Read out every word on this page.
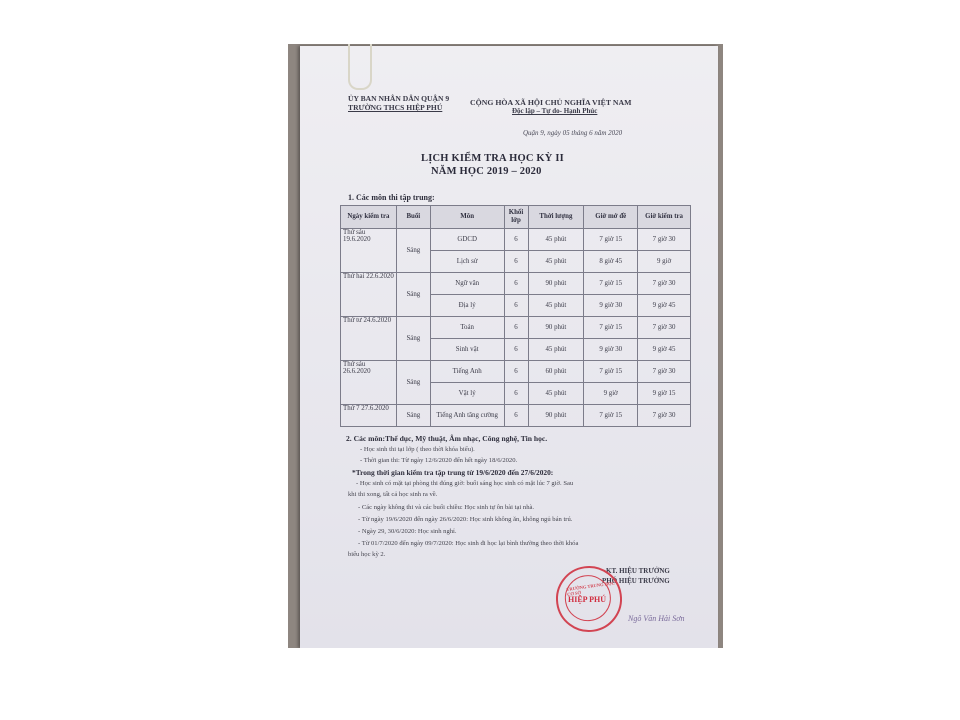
ỦY BAN NHÂN DÂN QUẬN 9
TRƯỜNG THCS HIỆP PHÚ
CỘNG HÒA XÃ HỘI CHỦ NGHĨA VIỆT NAM
Độc lập – Tự do- Hạnh Phúc
Quận 9, ngày 05 tháng 6 năm 2020
LỊCH KIỂM TRA HỌC KỲ II
NĂM HỌC 2019 – 2020
1. Các môn thi tập trung:
Ngày kiểm tra	Buổi	Môn	Khối lớp	Thời lượng	Giờ mở đề	Giờ kiểm tra
Thứ sáu 19.6.2020	Sáng	GDCD	6	45 phút	7 giờ 15	7 giờ 30
		Lịch sử	6	45 phút	8 giờ 45	9 giờ
Thứ hai 22.6.2020	Sáng	Ngữ văn	6	90 phút	7 giờ 15	7 giờ 30
		Địa lý	6	45 phút	9 giờ 30	9 giờ 45
Thứ tư 24.6.2020	Sáng	Toán	6	90 phút	7 giờ 15	7 giờ 30
		Sinh vật	6	45 phút	9 giờ 30	9 giờ 45
Thứ sáu 26.6.2020	Sáng	Tiếng Anh	6	60 phút	7 giờ 15	7 giờ 30
		Vật lý	6	45 phút	9 giờ	9 giờ 15
Thứ 7 27.6.2020	Sáng	Tiếng Anh tăng cường	6	90 phút	7 giờ 15	7 giờ 30
2. Các môn:Thể dục, Mỹ thuật, Âm nhạc, Công nghệ, Tin học.
- Học sinh thi tại lớp ( theo thời khóa biểu).
- Thời gian thi: Từ ngày 12/6/2020 đến hết ngày 18/6/2020.
*Trong thời gian kiểm tra tập trung từ 19/6/2020 đến 27/6/2020:
- Học sinh có mặt tại phòng thi đúng giờ: buổi sáng học sinh có mặt lúc 7 giờ. Sau
khi thi xong, tất cả học sinh ra về.
- Các ngày không thi và các buổi chiều: Học sinh tự ôn bài tại nhà.
- Từ ngày 19/6/2020 đến ngày 26/6/2020: Học sinh không ăn, không ngủ bán trú.
- Ngày 29, 30/6/2020: Học sinh nghỉ.
- Từ 01/7/2020 đến ngày 09/7/2020: Học sinh đi học lại bình thường theo thời khóa
biểu học kỳ 2.
KT. HIỆU TRƯỞNG
PHÓ HIỆU TRƯỞNG
TRƯỜNG TRUNG HỌC CƠ SỞ
HIỆP PHÚ
Ngô Văn Hải Sơn
